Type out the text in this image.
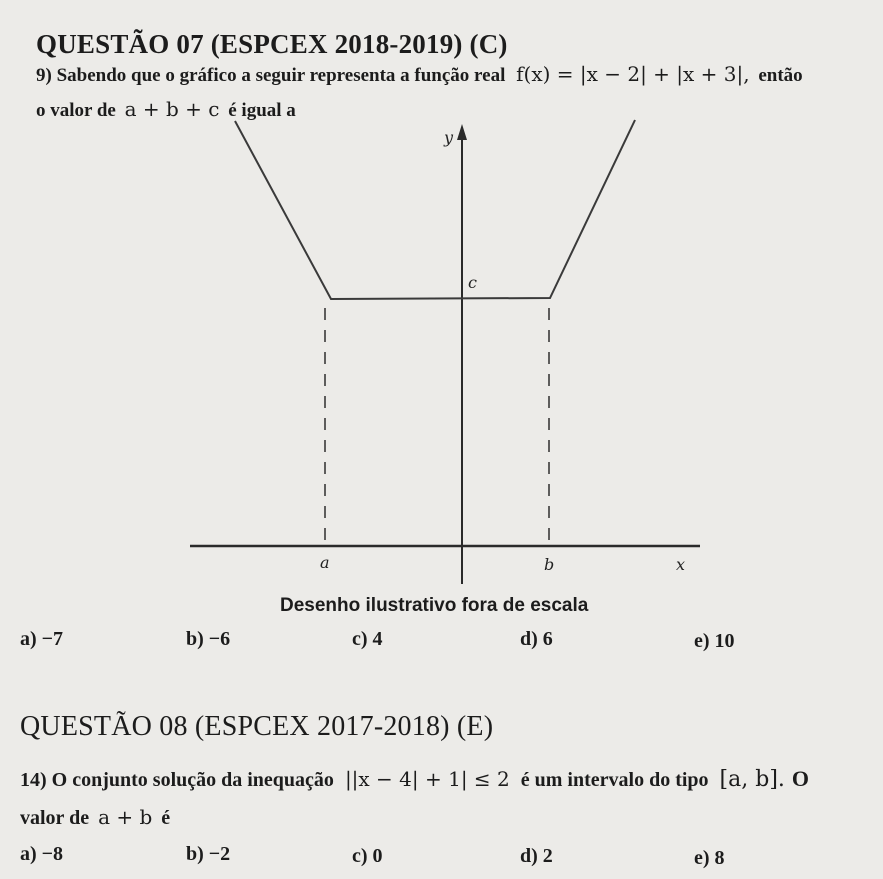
QUESTÃO 07 (ESPCEX 2018-2019) (C)
9) Sabendo que o gráfico a seguir representa a função real f(x) = |x − 2| + |x + 3|, então
o valor de a + b + c é igual a
y
c
a	b	x
Desenho ilustrativo fora de escala
a) −7	b) −6	c) 4	d) 6	e) 10
QUESTÃO 08 (ESPCEX 2017-2018) (E)
14) O conjunto solução da inequação ||x − 4| + 1| ≤ 2 é um intervalo do tipo [a, b]. O
valor de a + b é
a) −8	b) −2	c) 0	d) 2	e) 8
